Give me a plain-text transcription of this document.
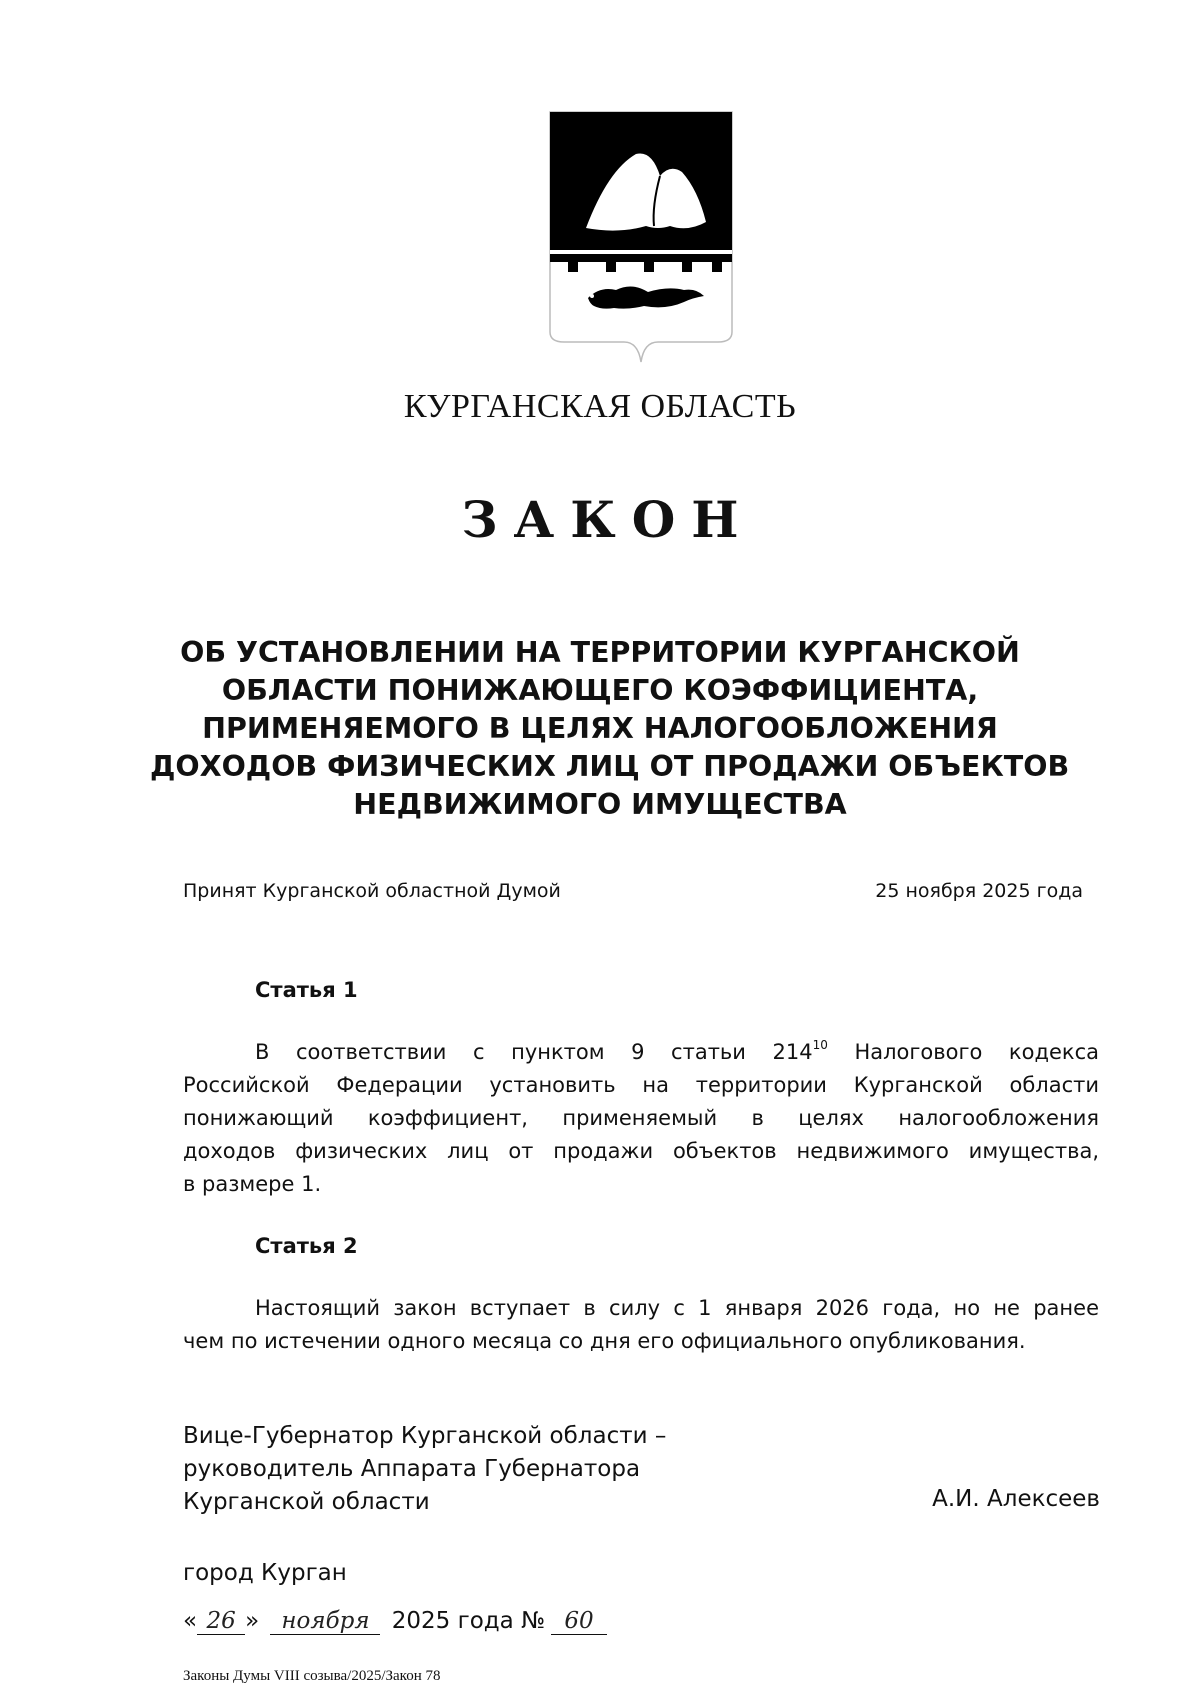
КУРГАНСКАЯ ОБЛАСТЬ
ЗАКОН
ОБ УСТАНОВЛЕНИИ НА ТЕРРИТОРИИ КУРГАНСКОЙ
ОБЛАСТИ ПОНИЖАЮЩЕГО КОЭФФИЦИЕНТА,
ПРИМЕНЯЕМОГО В ЦЕЛЯХ НАЛОГООБЛОЖЕНИЯ
ДОХОДОВ ФИЗИЧЕСКИХ ЛИЦ ОТ ПРОДАЖИ ОБЪЕКТОВ
НЕДВИЖИМОГО ИМУЩЕСТВА
Принят Курганской областной Думой	25 ноября 2025 года
Статья 1
В соответствии с пунктом 9 статьи $214^{10}$ Налогового кодекса
Российской Федерации установить на территории Курганской области
понижающий коэффициент, применяемый в целях налогообложения
доходов физических лиц от продажи объектов недвижимого имущества,
в размере 1.
Статья 2
Настоящий закон вступает в силу с 1 января 2026 года, но не ранее
чем по истечении одного месяца со дня его официального опубликования.
Вице-Губернатор Курганской области –
руководитель Аппарата Губернатора
Курганской области	А.И. Алексеев
город Курган
« 26 » ноября 2025 года № 60
Законы Думы VIII созыва/2025/Закон 78
